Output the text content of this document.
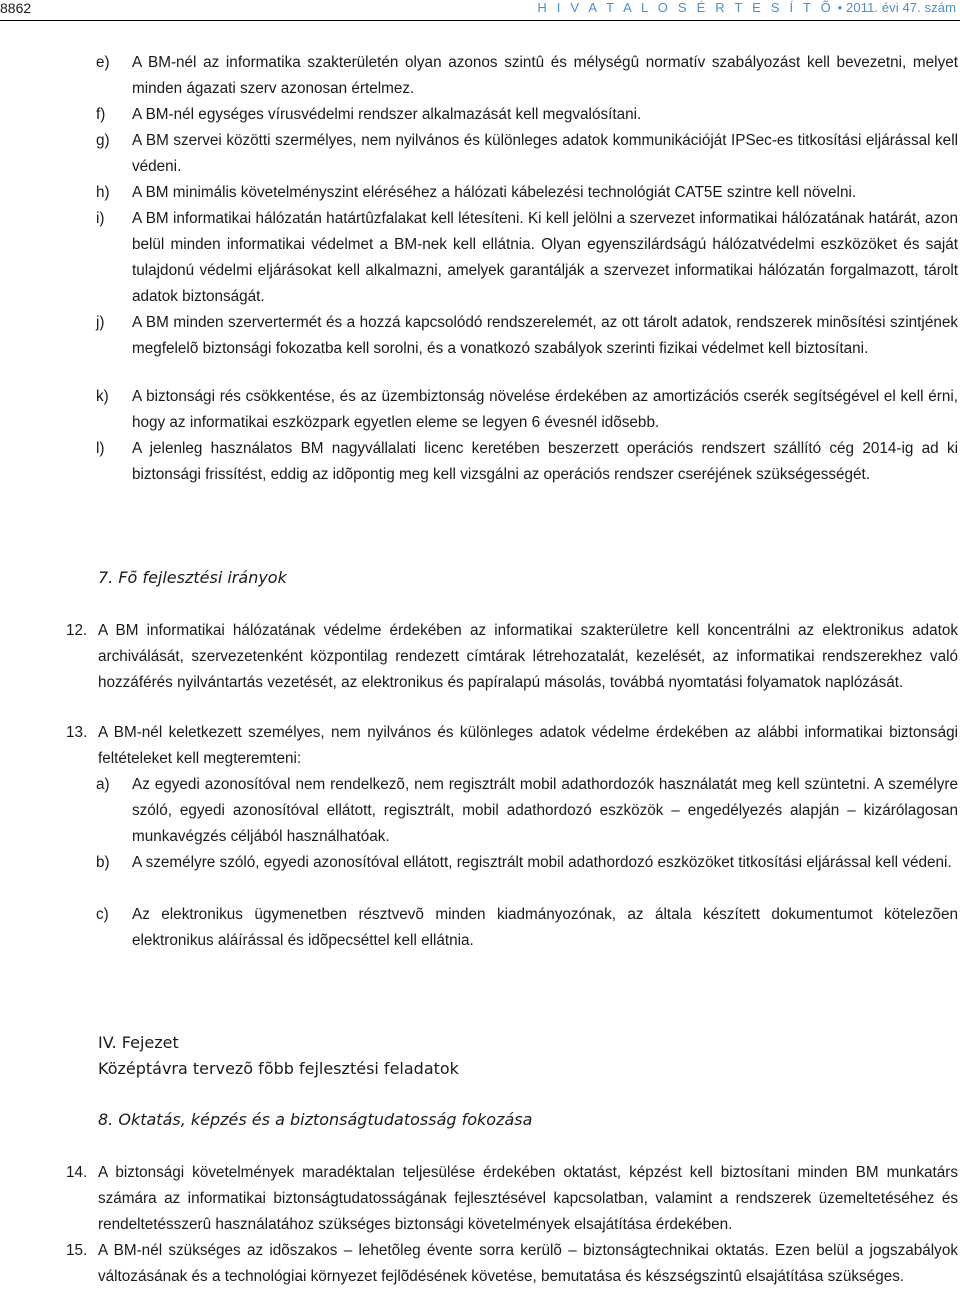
8862	H I V A T A L O S É R T E S Í T Õ • 2011. évi 47. szám
e) A BM-nél az informatika szakterületén olyan azonos szintû és mélységû normatív szabályozást kell bevezetni, melyet minden ágazati szerv azonosan értelmez.
f) A BM-nél egységes vírusvédelmi rendszer alkalmazását kell megvalósítani.
g) A BM szervei közötti szermélyes, nem nyilvános és különleges adatok kommunikációját IPSec-es titkosítási eljárással kell védeni.
h) A BM minimális követelményszint eléréséhez a hálózati kábelezési technológiát CAT5E szintre kell növelni.
i) A BM informatikai hálózatán határtûzfalakat kell létesíteni. Ki kell jelölni a szervezet informatikai hálózatának határát, azon belül minden informatikai védelmet a BM-nek kell ellátnia. Olyan egyenszilárdságú hálózatvédelmi eszközöket és saját tulajdonú védelmi eljárásokat kell alkalmazni, amelyek garantálják a szervezet informatikai hálózatán forgalmazott, tárolt adatok biztonságát.
j) A BM minden szervertermét és a hozzá kapcsolódó rendszerelemét, az ott tárolt adatok, rendszerek minõsítési szintjének megfelelõ biztonsági fokozatba kell sorolni, és a vonatkozó szabályok szerinti fizikai védelmet kell biztosítani.
k) A biztonsági rés csökkentése, és az üzembiztonság növelése érdekében az amortizációs cserék segítségével el kell érni, hogy az informatikai eszközpark egyetlen eleme se legyen 6 évesnél idõsebb.
l) A jelenleg használatos BM nagyvállalati licenc keretében beszerzett operációs rendszert szállító cég 2014-ig ad ki biztonsági frissítést, eddig az idõpontig meg kell vizsgálni az operációs rendszer cseréjének szükségességét.
7. Fõ fejlesztési irányok
12. A BM informatikai hálózatának védelme érdekében az informatikai szakterületre kell koncentrálni az elektronikus adatok archiválását, szervezetenként központilag rendezett címtárak létrehozatalát, kezelését, az informatikai rendszerekhez való hozzáférés nyilvántartás vezetését, az elektronikus és papíralapú másolás, továbbá nyomtatási folyamatok naplózását.
13. A BM-nél keletkezett személyes, nem nyilvános és különleges adatok védelme érdekében az alábbi informatikai biztonsági feltételeket kell megteremteni:
a) Az egyedi azonosítóval nem rendelkezõ, nem regisztrált mobil adathordozók használatát meg kell szüntetni. A személyre szóló, egyedi azonosítóval ellátott, regisztrált, mobil adathordozó eszközök – engedélyezés alapján – kizárólagosan munkavégzés céljából használhatóak.
b) A személyre szóló, egyedi azonosítóval ellátott, regisztrált mobil adathordozó eszközöket titkosítási eljárással kell védeni.
c) Az elektronikus ügymenetben résztvevõ minden kiadmányozónak, az általa készített dokumentumot kötelezõen elektronikus aláírással és idõpecséttel kell ellátnia.
IV. Fejezet
Középtávra tervezõ fõbb fejlesztési feladatok
8. Oktatás, képzés és a biztonságtudatosság fokozása
14. A biztonsági követelmények maradéktalan teljesülése érdekében oktatást, képzést kell biztosítani minden BM munkatárs számára az informatikai biztonságtudatosságának fejlesztésével kapcsolatban, valamint a rendszerek üzemeltetéséhez és rendeltetésszerû használatához szükséges biztonsági követelmények elsajátítása érdekében.
15. A BM-nél szükséges az idõszakos – lehetõleg évente sorra kerülõ – biztonságtechnikai oktatás. Ezen belül a jogszabályok változásának és a technológiai környezet fejlõdésének követése, bemutatása és készségszintû elsajátítása szükséges.
